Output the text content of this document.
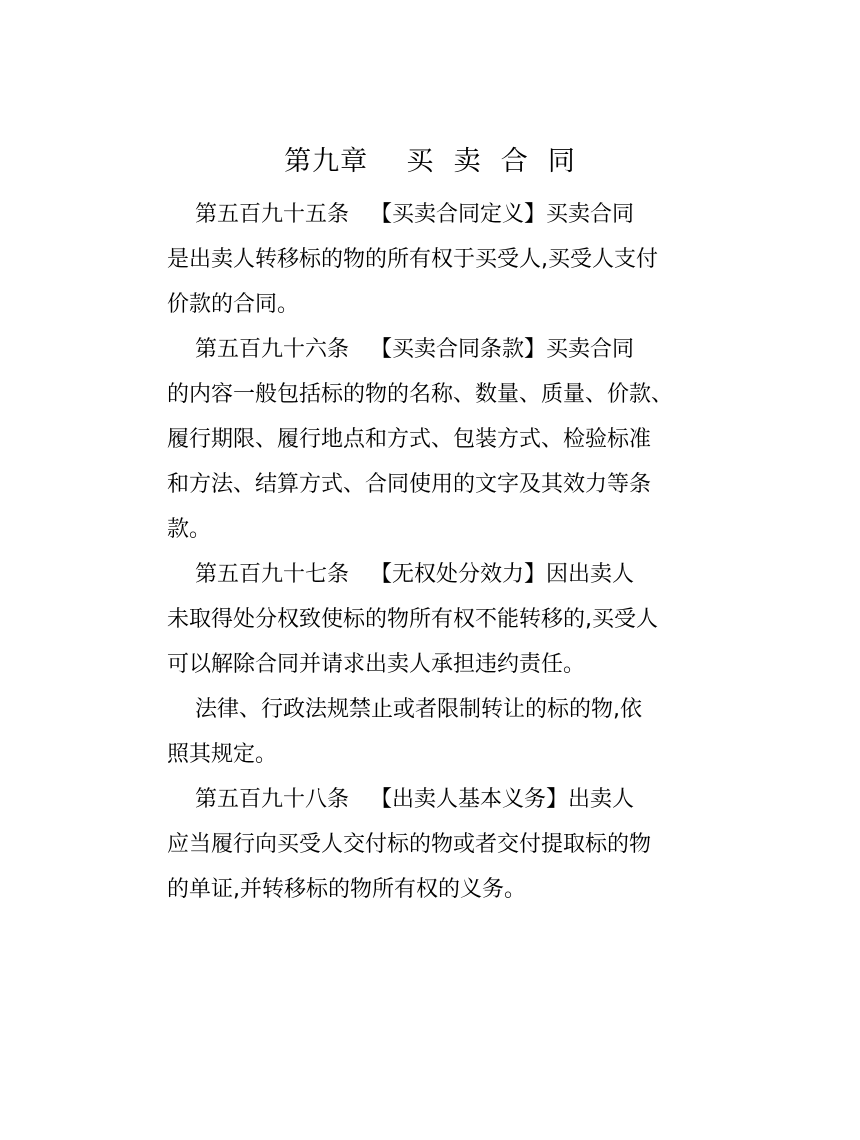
第九章    买  卖  合  同

第五百九十五条   【买卖合同定义】买卖合同

是出卖人转移标的物的所有权于买受人,买受人支付

价款的合同。

第五百九十六条   【买卖合同条款】买卖合同

的内容一般包括标的物的名称、数量、质量、价款、

履行期限、履行地点和方式、包装方式、检验标准

和方法、结算方式、合同使用的文字及其效力等条

款。

第五百九十七条   【无权处分效力】因出卖人

未取得处分权致使标的物所有权不能转移的,买受人

可以解除合同并请求出卖人承担违约责任。

法律、行政法规禁止或者限制转让的标的物,依

照其规定。

第五百九十八条   【出卖人基本义务】出卖人

应当履行向买受人交付标的物或者交付提取标的物

的单证,并转移标的物所有权的义务。
